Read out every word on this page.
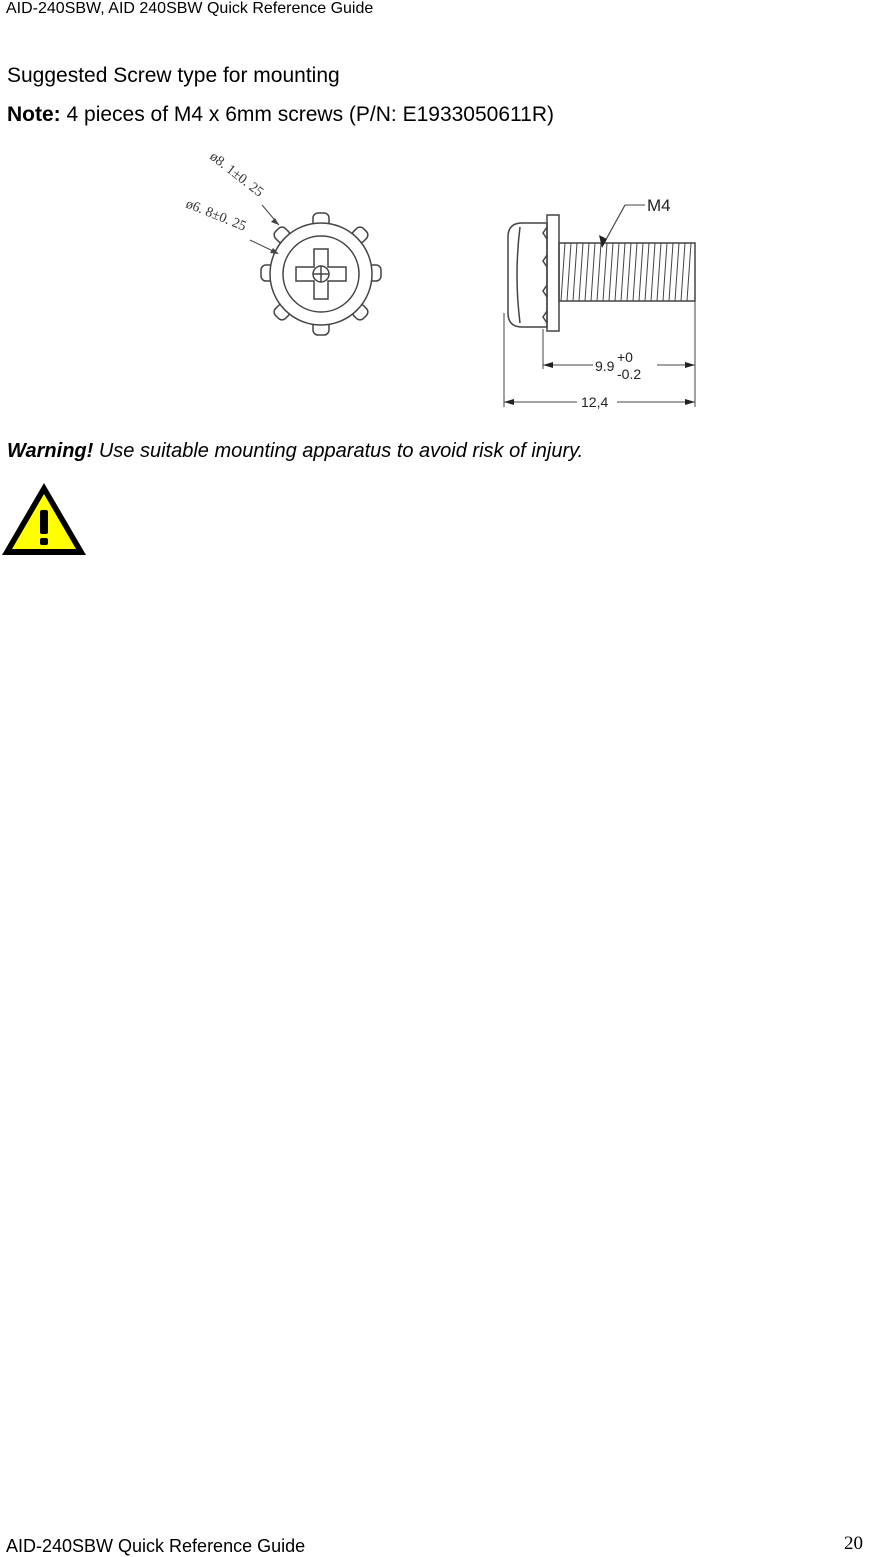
AID-240SBW, AID 240SBW Quick Reference Guide
Suggested Screw type for mounting
Note: 4 pieces of M4 x 6mm screws (P/N: E1933050611R)
ø8. 1±0. 25
ø6. 8±0. 25	M4
9.9
+0
-0.2
12,4
Warning! Use suitable mounting apparatus to avoid risk of injury.
AID-240SBW Quick Reference Guide	20
